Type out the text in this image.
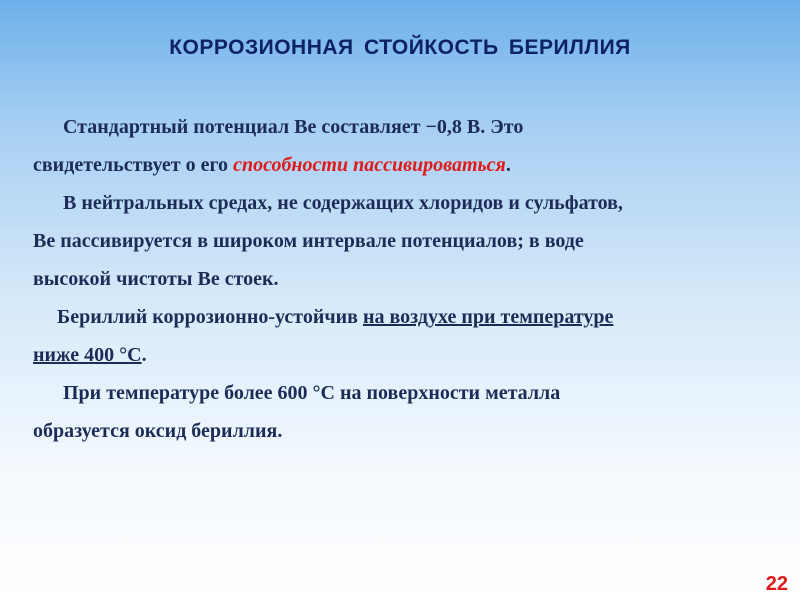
КОРРОЗИОННАЯ СТОЙКОСТЬ БЕРИЛЛИЯ
Стандартный потенциал Be составляет −0,8 В. Это
свидетельствует о его способности пассивироваться.
В нейтральных средах, не содержащих хлоридов и сульфатов,
Be пассивируется в широком интервале потенциалов; в воде
высокой чистоты Be стоек.
Бериллий коррозионно-устойчив на воздухе при температуре
ниже 400 °С.
При температуре более 600 °С на поверхности металла
образуется оксид бериллия.
22
